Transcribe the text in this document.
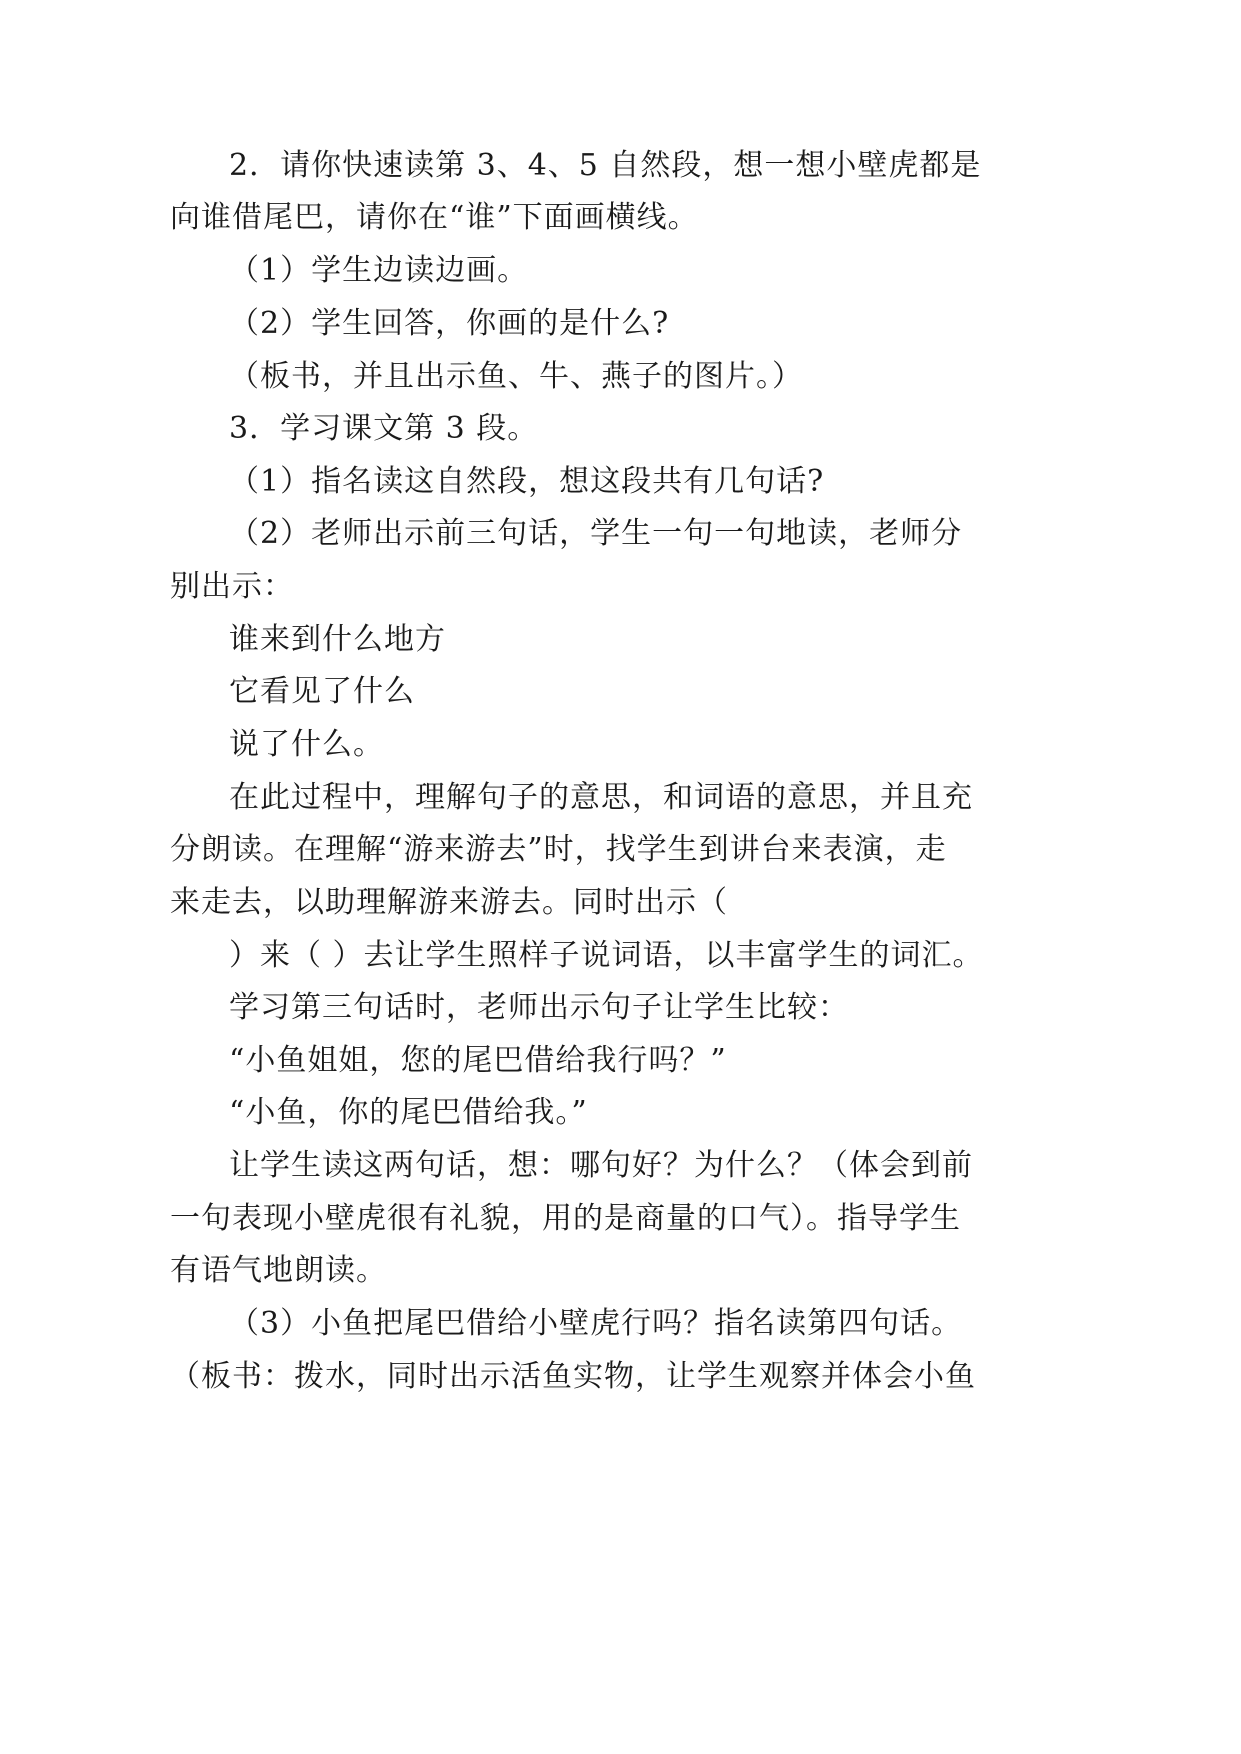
2．请你快速读第 3、4、5 自然段，想一想小壁虎都是
向谁借尾巴，请你在“谁”下面画横线。
（1）学生边读边画。
（2）学生回答，你画的是什么?
（板书，并且出示鱼、牛、燕子的图片。）
3．学习课文第 3 段。
（1）指名读这自然段，想这段共有几句话?
（2）老师出示前三句话，学生一句一句地读，老师分
别出示：
谁来到什么地方
它看见了什么
说了什么。
在此过程中，理解句子的意思，和词语的意思，并且充
分朗读。在理解“游来游去”时，找学生到讲台来表演，走
来走去，以助理解游来游去。同时出示（
）来（ ）去让学生照样子说词语，以丰富学生的词汇。
学习第三句话时，老师出示句子让学生比较：
“小鱼姐姐，您的尾巴借给我行吗？”
“小鱼，你的尾巴借给我。”
让学生读这两句话，想：哪句好？为什么？（体会到前
一句表现小壁虎很有礼貌，用的是商量的口气）。指导学生
有语气地朗读。
（3）小鱼把尾巴借给小壁虎行吗？指名读第四句话。
（板书：拨水，同时出示活鱼实物，让学生观察并体会小鱼
